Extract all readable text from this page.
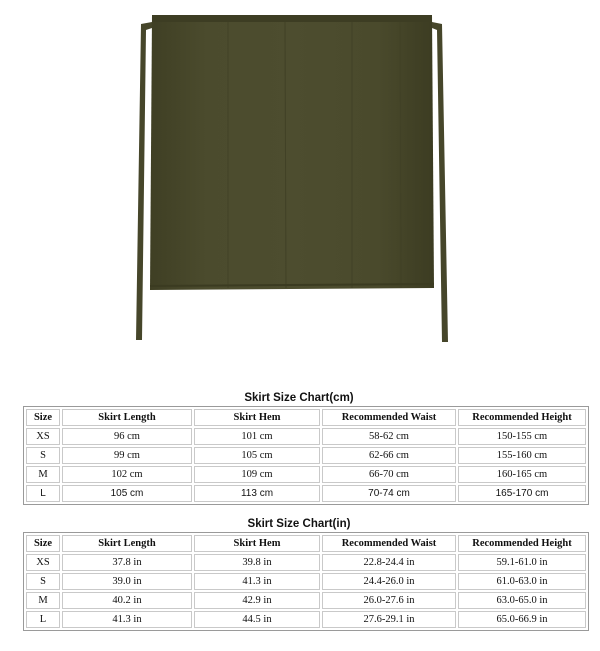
Skirt Size Chart(cm)
Size	Skirt Length	Skirt Hem	Recommended Waist	Recommended Height
XS	96 cm	101 cm	58-62 cm	150-155 cm
S	99 cm	105 cm	62-66 cm	155-160 cm
M	102 cm	109 cm	66-70 cm	160-165 cm
L	105 cm	113 cm	70-74 cm	165-170 cm
Skirt Size Chart(in)
Size	Skirt Length	Skirt Hem	Recommended Waist	Recommended Height
XS	37.8 in	39.8 in	22.8-24.4 in	59.1-61.0 in
S	39.0 in	41.3 in	24.4-26.0 in	61.0-63.0 in
M	40.2 in	42.9 in	26.0-27.6 in	63.0-65.0 in
L	41.3 in	44.5 in	27.6-29.1 in	65.0-66.9 in
